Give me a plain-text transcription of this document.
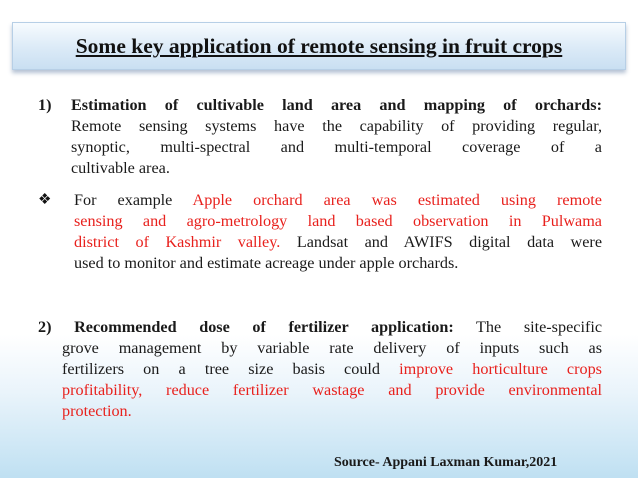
Some key application of remote sensing in fruit crops

1) Estimation of cultivable land area and mapping of orchards:

Remote sensing systems have the capability of providing regular,

synoptic, multi-spectral and multi-temporal coverage of a

cultivable area.

❖ For example Apple orchard area was estimated using remote

sensing and agro-metrology land based observation in Pulwama

district of Kashmir valley. Landsat and AWIFS digital data were

used to monitor and estimate acreage under apple orchards.

2) Recommended dose of fertilizer application: The site-specific

grove management by variable rate delivery of inputs such as

fertilizers on a tree size basis could improve horticulture crops

profitability, reduce fertilizer wastage and provide environmental

protection.

Source- Appani Laxman Kumar,2021
